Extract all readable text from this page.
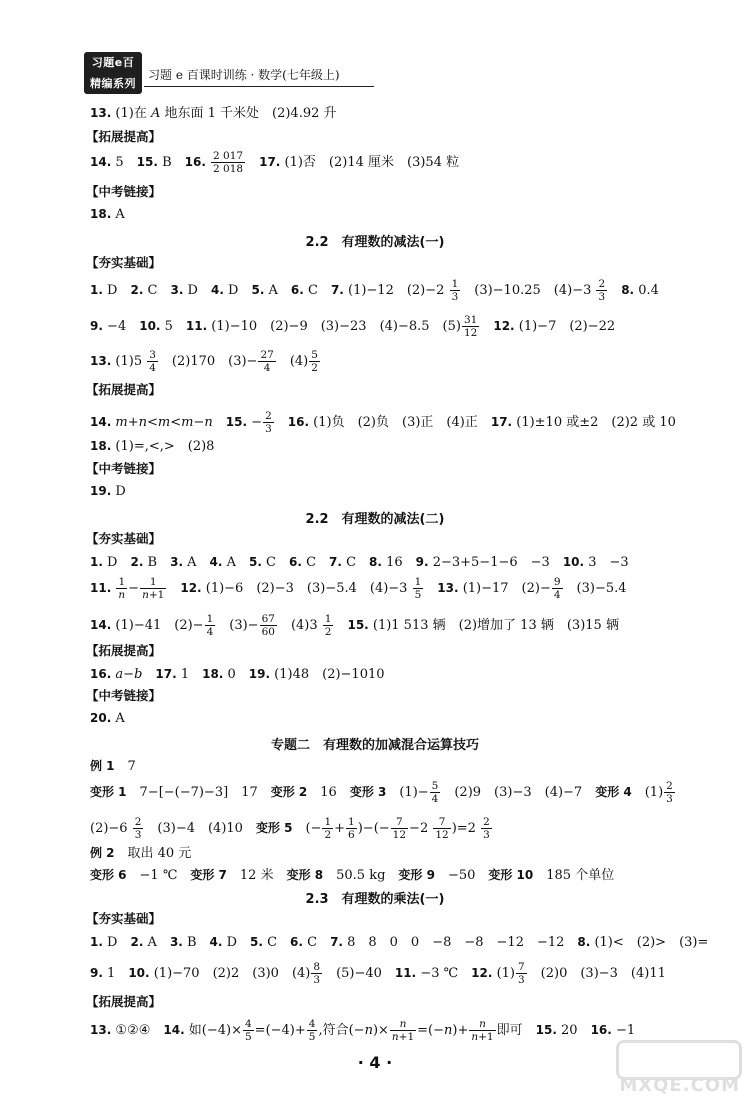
习题e百
精编系列
习题 e 百课时训练 · 数学(七年级上)
13. (1)在 A 地东面 1 千米处　(2)4.92 升
【拓展提高】
14. 5　15. B　16. $\frac{2 017}{2 018}$
　 17. (1)否　(2)14 厘米　(3)54 粒
【中考链接】
18. A
2.2　有理数的减法(一)
【夯实基础】
1. D　2. C　3. D　4. D　5. A　6. C　7. (1)−12　$(2)-2 \frac{1}{3}$ 　(3)−10.25　$(4)-3 \frac{2}{3}$
　 8. 0.4
9. −4　10. 5　11. (1)−10　(2)−9　(3)−23　(4)−8.5　$(5) \frac{31}{12}$
　 12. (1)−7　(2)−22
13. $(1)5 \frac{3}{4}$ 　(2)170　$(3)- \frac{27}{4}$ 　$(4) \frac{5}{2}$
【拓展提高】
14. m+n<m<m−n　 15. − $\frac{2}{3}$
　 16. (1)负　(2)负　(3)正　(4)正　17. (1)±10 或±2　(2)2 或 10
18. (1)=,<,>　(2)8
【中考链接】
19. D
2.2　有理数的减法(二)
【夯实基础】
1. D　2. B　3. A　4. A　5. C　6. C　7. C　8. 16　9. 2−3+5−1−6　−3　10. 3　−3
11. $\frac{1}{n} - \frac{1}{n+1}$
　 12. (1)−6　(2)−3　(3)−5.4　$(4)-3 \frac{1}{5}$
　 13. (1)−17　$(2)- \frac{9}{4}$ 　(3)−5.4
14. (1)−41　$(2)- \frac{1}{4}$ 　$(3)- \frac{67}{60}$ 　$(4)3 \frac{1}{2}$
　 15. (1)1 513 辆　(2)增加了 13 辆　(3)15 辆
【拓展提高】
16. a−b　 17. 1　18. 0　19. (1)48　(2)−1010
【中考链接】
20. A
专题二　有理数的加减混合运算技巧
例 1　7
变形 1　7−[−(−7)−3]　17　变形 2　16　变形 3　$(1)- \frac{5}{4}$ 　(2)9　(3)−3　(4)−7　变形 4　$(1) \frac{2}{3}$
$(2)-6 \frac{2}{3}$ 　(3)−4　(4)10　变形 5　(− $\frac{1}{2} + \frac{1}{6}$ )−(− $\frac{7}{12} -2 \frac{7}{12} )=2 \frac{2}{3}$
例 2　取出 40 元
变形 6　−1 ℃　变形 7　12 米　变形 8　50.5 kg　变形 9　−50　变形 10　185 个单位
2.3　有理数的乘法(一)
【夯实基础】
1. D　2. A　3. B　4. D　5. C　6. C　7. 8　8　0　0　−8　−8　−12　−12　8. (1)<　(2)>　(3)=
9. 1　10. (1)−70　(2)2　(3)0　$(4) \frac{8}{3}$ 　(5)−40　11. −3 ℃　12. $(1) \frac{7}{3}$ 　(2)0　(3)−3　(4)11
【拓展提高】
13. ①②④　14. 如$(-4)\times \frac{4}{5} =(-4)+ \frac{4}{5}$ ,符合$(-n)\times \frac{n}{n+1} =(-n)+ \frac{n}{n+1}$ 即可　15. 20　16. −1
· 4 ·
MXQE.COM
